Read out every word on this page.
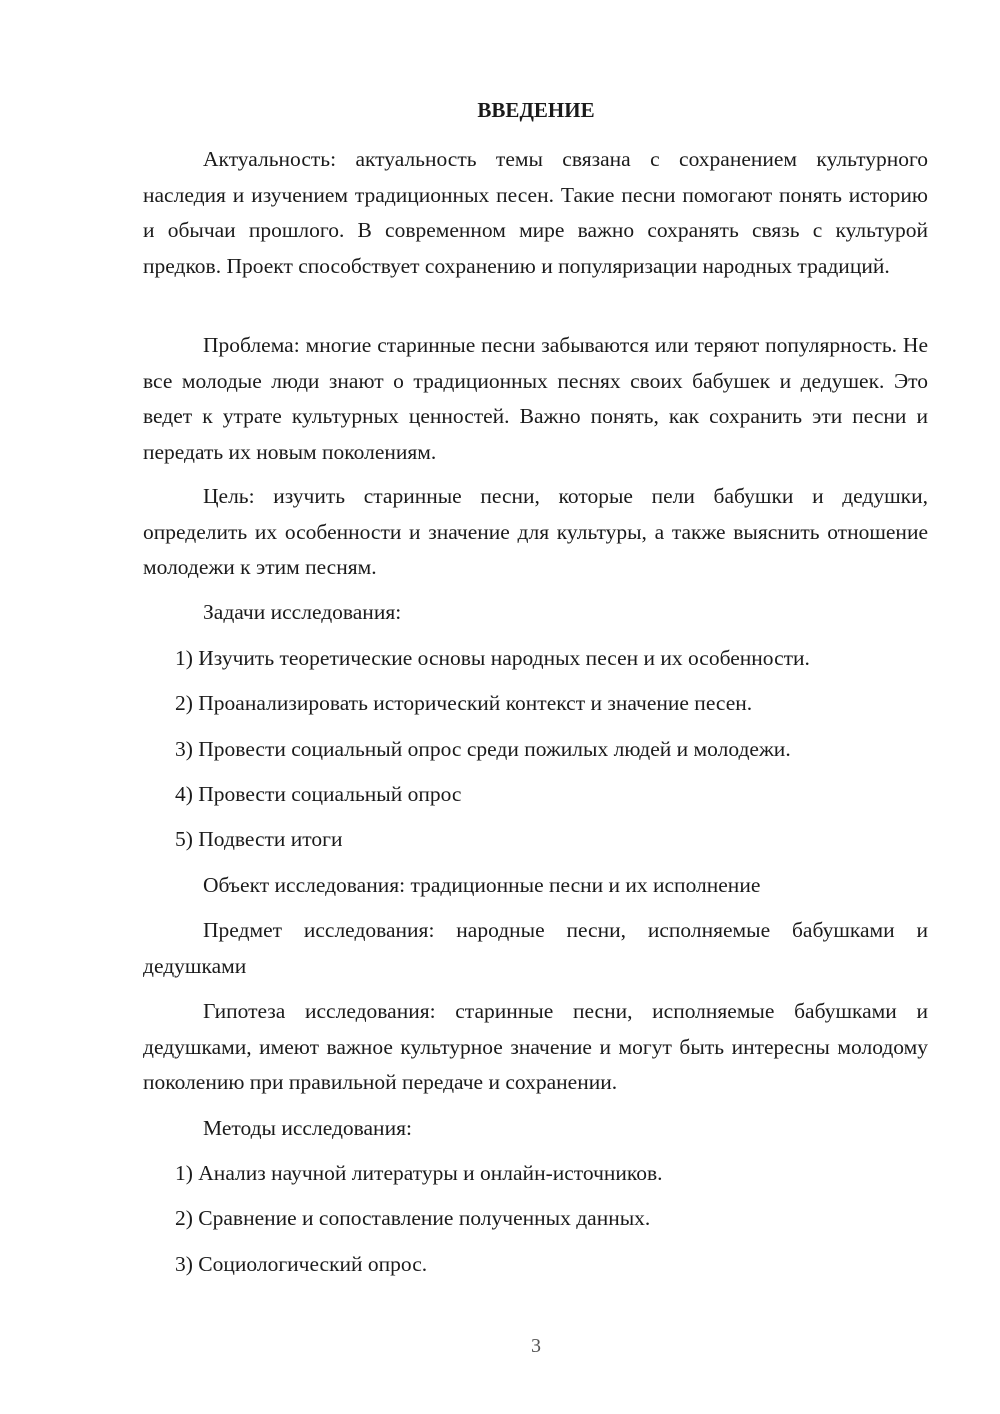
ВВЕДЕНИЕ

Актуальность: актуальность темы связана с сохранением культурного наследия и изучением традиционных песен. Такие песни помогают понять историю и обычаи прошлого. В современном мире важно сохранять связь с культурой предков. Проект способствует сохранению и популяризации народных традиций.

Проблема: многие старинные песни забываются или теряют популярность. Не все молодые люди знают о традиционных песнях своих бабушек и дедушек. Это ведет к утрате культурных ценностей. Важно понять, как сохранить эти песни и передать их новым поколениям.

Цель: изучить старинные песни, которые пели бабушки и дедушки, определить их особенности и значение для культуры, а также выяснить отношение молодежи к этим песням.

Задачи исследования:

1) Изучить теоретические основы народных песен и их особенности.

2) Проанализировать исторический контекст и значение песен.

3) Провести социальный опрос среди пожилых людей и молодежи.

4) Провести социальный опрос

5) Подвести итоги

Объект исследования: традиционные песни и их исполнение

Предмет исследования: народные песни, исполняемые бабушками и дедушками

Гипотеза исследования: старинные песни, исполняемые бабушками и дедушками, имеют важное культурное значение и могут быть интересны молодому поколению при правильной передаче и сохранении.

Методы исследования:

1) Анализ научной литературы и онлайн-источников.

2) Сравнение и сопоставление полученных данных.

3) Социологический опрос.

3
